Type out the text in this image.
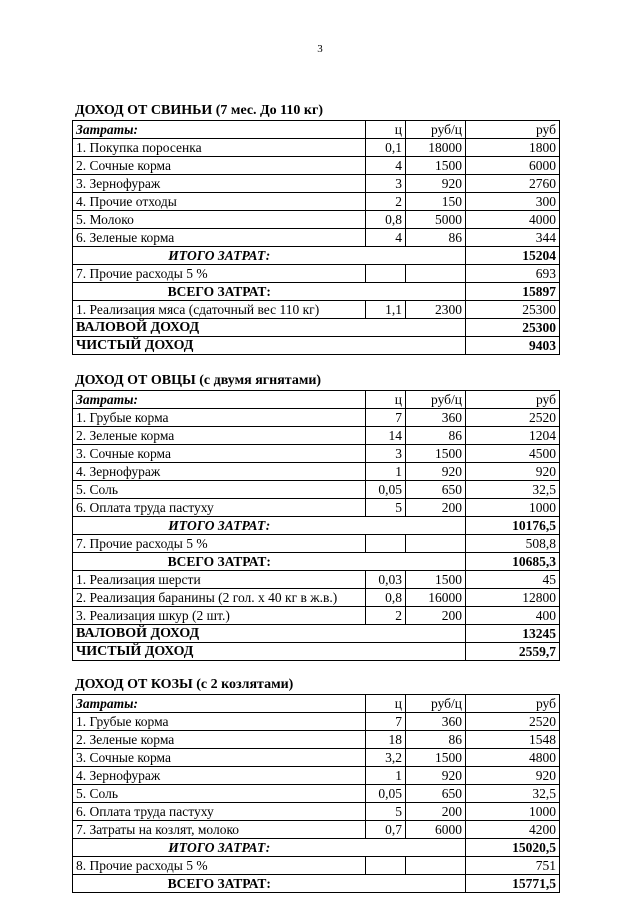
3
ДОХОД ОТ СВИНЬИ (7 мес. До 110 кг)
Затраты:	ц	руб/ц	руб
1. Покупка поросенка	0,1	18000	1800
2. Сочные корма	4	1500	6000
3. Зернофураж	3	920	2760
4. Прочие отходы	2	150	300
5. Молоко	0,8	5000	4000
6. Зеленые корма	4	86	344
ИТОГО ЗАТРАТ:			15204
7. Прочие расходы 5 %			693
ВСЕГО ЗАТРАТ:			15897
1. Реализация мяса (сдаточный вес 110 кг)	1,1	2300	25300
ВАЛОВОЙ ДОХОД			25300
ЧИСТЫЙ ДОХОД			9403
ДОХОД ОТ ОВЦЫ (с двумя ягнятами)
Затраты:	ц	руб/ц	руб
1. Грубые корма	7	360	2520
2. Зеленые корма	14	86	1204
3. Сочные корма	3	1500	4500
4. Зернофураж	1	920	920
5. Соль	0,05	650	32,5
6. Оплата труда пастуху	5	200	1000
ИТОГО ЗАТРАТ:			10176,5
7. Прочие расходы 5 %			508,8
ВСЕГО ЗАТРАТ:			10685,3
1. Реализация шерсти	0,03	1500	45
2. Реализация баранины (2 гол. х 40 кг в ж.в.)	0,8	16000	12800
3. Реализация шкур (2 шт.)	2	200	400
ВАЛОВОЙ ДОХОД			13245
ЧИСТЫЙ ДОХОД			2559,7
ДОХОД ОТ КОЗЫ (с 2 козлятами)
Затраты:	ц	руб/ц	руб
1. Грубые корма	7	360	2520
2. Зеленые корма	18	86	1548
3. Сочные корма	3,2	1500	4800
4. Зернофураж	1	920	920
5. Соль	0,05	650	32,5
6. Оплата труда пастуху	5	200	1000
7. Затраты на козлят, молоко	0,7	6000	4200
ИТОГО ЗАТРАТ:			15020,5
8. Прочие расходы 5 %			751
ВСЕГО ЗАТРАТ:			15771,5
